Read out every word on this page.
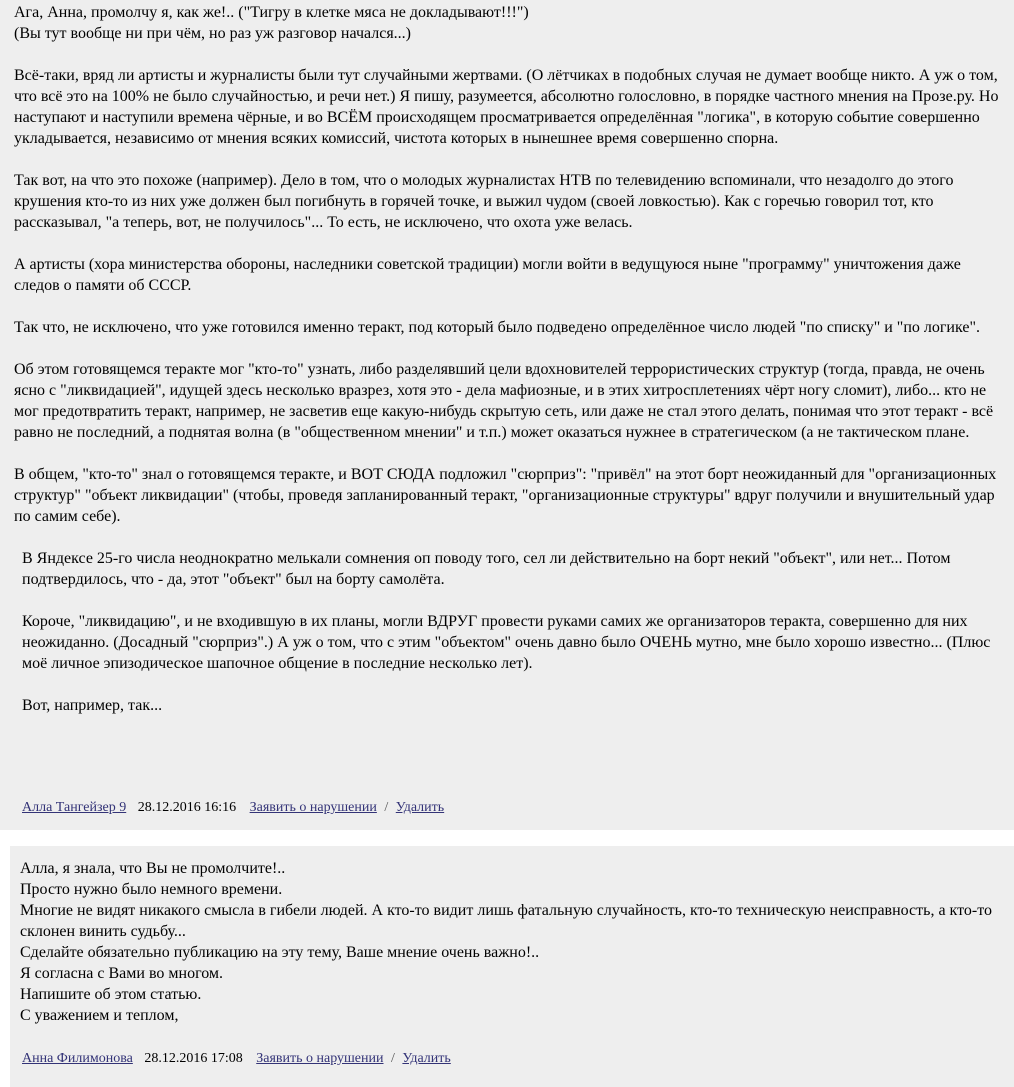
Ага, Анна, промолчу я, как же!.. ("Тигру в клетке мяса не докладывают!!!")
(Вы тут вообще ни при чём, но раз уж разговор начался...)
Всё-таки, вряд ли артисты и журналисты были тут случайными жертвами. (О лётчиках в подобных случая не думает вообще никто. А уж о том, что всё это на 100% не было случайностью, и речи нет.) Я пишу, разумеется, абсолютно голословно, в порядке частного мнения на Прозе.ру. Но наступают и наступили времена чёрные, и во ВСЁМ происходящем просматривается определённая "логика", в которую событие совершенно укладывается, независимо от мнения всяких комиссий, чистота которых в нынешнее время совершенно спорна.
Так вот, на что это похоже (например). Дело в том, что о молодых журналистах НТВ по телевидению вспоминали, что незадолго до этого крушения кто-то из них уже должен был погибнуть в горячей точке, и выжил чудом (своей ловкостью). Как с горечью говорил тот, кто рассказывал, "а теперь, вот, не получилось"... То есть, не исключено, что охота уже велась.
А артисты (хора министерства обороны, наследники советской традиции) могли войти в ведущуюся ныне "программу" уничтожения даже следов о памяти об СССР.
Так что, не исключено, что уже готовился именно теракт, под который было подведено определённое число людей "по списку" и "по логике".
Об этом готовящемся теракте мог "кто-то" узнать, либо разделявший цели вдохновителей террористических структур (тогда, правда, не очень ясно с "ликвидацией", идущей здесь несколько вразрез, хотя это - дела мафиозные, и в этих хитросплетениях чёрт ногу сломит), либо... кто не мог предотвратить теракт, например, не засветив еще какую-нибудь скрытую сеть, или даже не стал этого делать, понимая что этот теракт - всё равно не последний, а поднятая волна (в "общественном мнении" и т.п.) может оказаться нужнее в стратегическом (а не тактическом плане.
В общем, "кто-то" знал о готовящемся теракте, и ВОТ СЮДА подложил "сюрприз": "привёл" на этот борт неожиданный для "организационных структур" "объект ликвидации" (чтобы, проведя запланированный теракт, "организационные структуры" вдруг получили и внушительный удар по самим себе).
В Яндексе 25-го числа неоднократно мелькали сомнения оп поводу того, сел ли действительно на борт некий "объект", или нет... Потом подтвердилось, что - да, этот "объект" был на борту самолёта.
Короче, "ликвидацию", и не входившую в их планы, могли ВДРУГ провести руками самих же организаторов теракта, совершенно для них неожиданно. (Досадный "сюрприз".) А уж о том, что с этим "объектом" очень давно было ОЧЕНЬ мутно, мне было хорошо известно... (Плюс моё личное эпизодическое шапочное общение в последние несколько лет).
Вот, например, так...
Алла Тангейзер 9 28.12.2016 16:16 Заявить о нарушении / Удалить
Алла, я знала, что Вы не промолчите!..
Просто нужно было немного времени.
Многие не видят никакого смысла в гибели людей. А кто-то видит лишь фатальную случайность, кто-то техническую неисправность, а кто-то склонен винить судьбу...
Сделайте обязательно публикацию на эту тему, Ваше мнение очень важно!..
Я согласна с Вами во многом.
Напишите об этом статью.
С уважением и теплом,
Анна Филимонова 28.12.2016 17:08 Заявить о нарушении / Удалить
